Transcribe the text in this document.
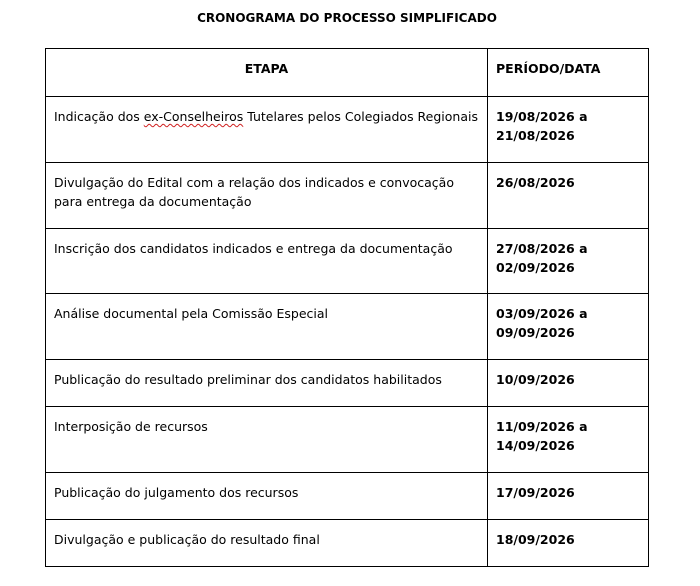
CRONOGRAMA DO PROCESSO SIMPLIFICADO
ETAPA	PERÍODO/DATA
Indicação dos ex-Conselheiros Tutelares pelos Colegiados Regionais	19/08/2026 a
21/08/2026
Divulgação do Edital com a relação dos indicados e convocação para entrega da documentação	26/08/2026
Inscrição dos candidatos indicados e entrega da documentação	27/08/2026 a
02/09/2026
Análise documental pela Comissão Especial	03/09/2026 a
09/09/2026
Publicação do resultado preliminar dos candidatos habilitados	10/09/2026
Interposição de recursos	11/09/2026 a
14/09/2026
Publicação do julgamento dos recursos	17/09/2026
Divulgação e publicação do resultado final	18/09/2026
